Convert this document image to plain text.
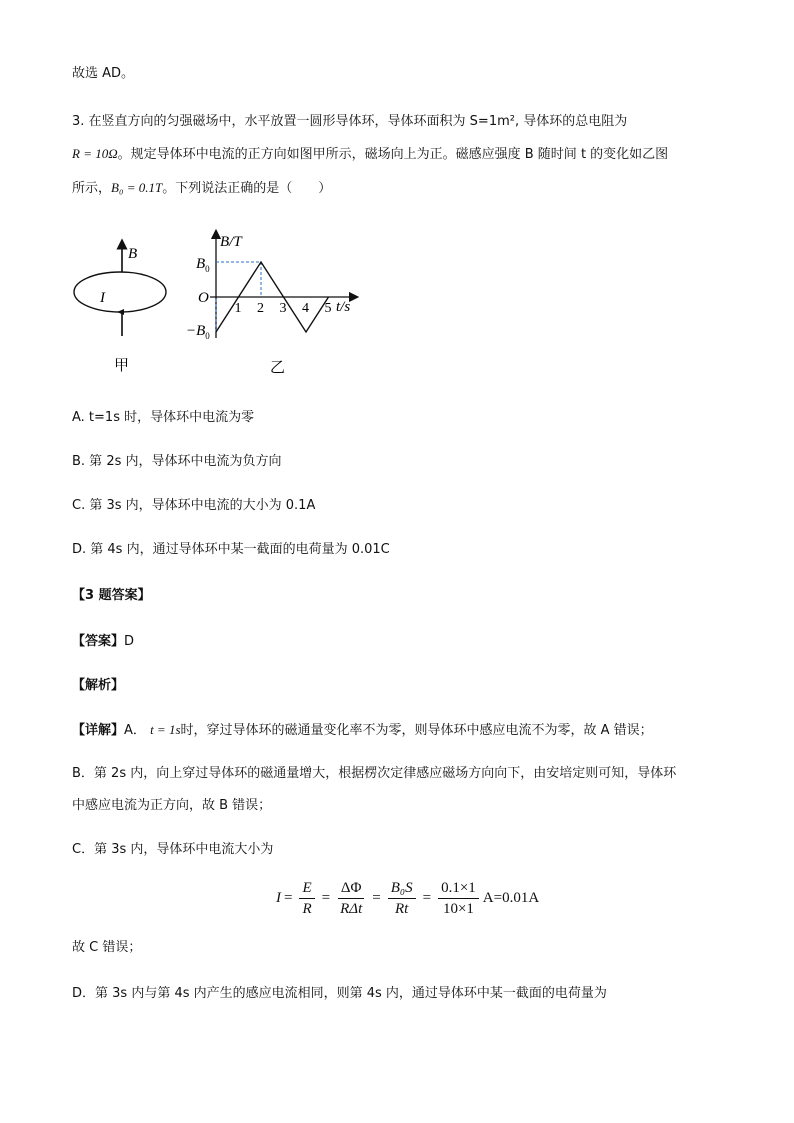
故选 AD。
3. 在竖直方向的匀强磁场中，水平放置一圆形导体环，导体环面积为 S=1m², 导体环的总电阻为
R = 10Ω。规定导体环中电流的正方向如图甲所示，磁场向上为正。磁感应强度 B 随时间 t 的变化如乙图
所示，B₀ = 0.1T。下列说法正确的是（　　）
B
I
甲
1 2 3 4 5
B/T
t/s
O
$B_0$
$-B_0$
乙
A. t=1s 时，导体环中电流为零
B. 第 2s 内，导体环中电流为负方向
C. 第 3s 内，导体环中电流的大小为 0.1A
D. 第 4s 内，通过导体环中某一截面的电荷量为 0.01C
【3 题答案】
【答案】D
【解析】
【详解】A． t = 1s时，穿过导体环的磁通量变化率不为零，则导体环中感应电流不为零，故 A 错误；
B．第 2s 内，向上穿过导体环的磁通量增大，根据楞次定律感应磁场方向向下，由安培定则可知，导体环
中感应电流为正方向，故 B 错误；
C．第 3s 内，导体环中电流大小为
$I = \frac{E}{R} = \frac{\Delta\Phi}{\text{RΔt}} = \frac{\text{B₀S}}{Rt} = \frac{0.1\times 1}{10\times 1} A=0.01A$
故 C 错误；
D．第 3s 内与第 4s 内产生的感应电流相同，则第 4s 内，通过导体环中某一截面的电荷量为
